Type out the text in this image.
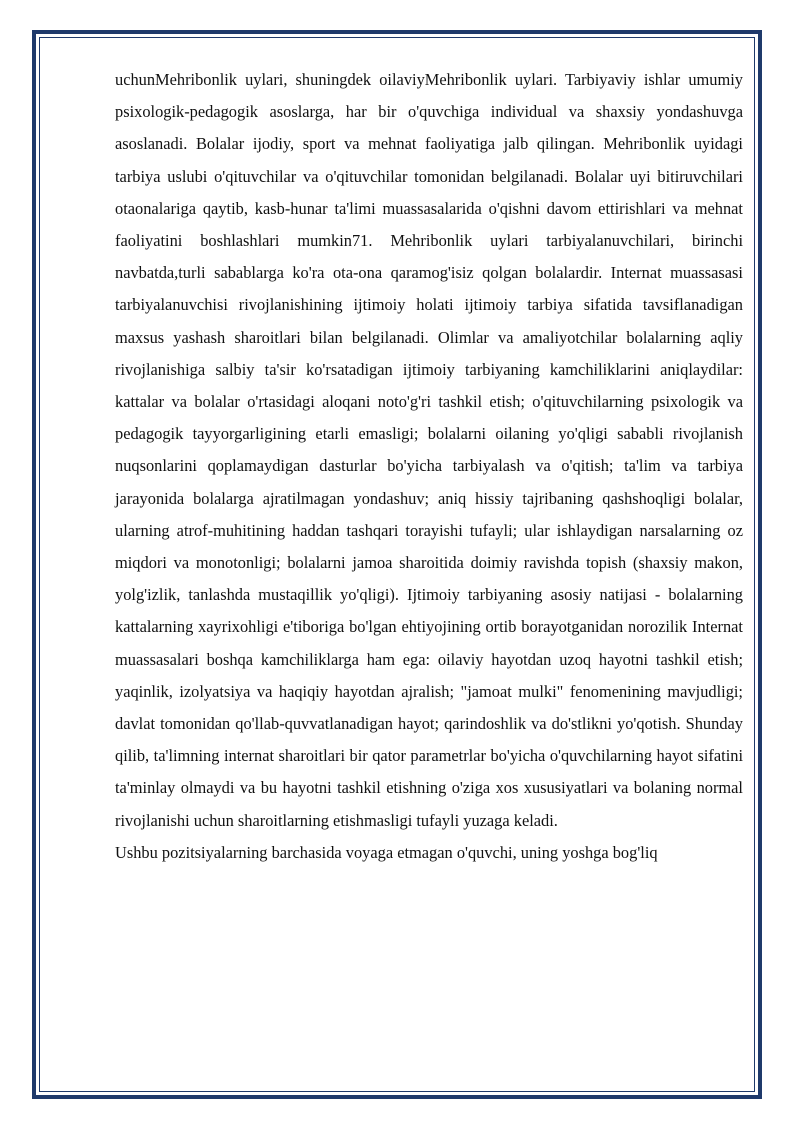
uchunMehribonlik uylari, shuningdek oilaviyMehribonlik uylari. Tarbiyaviy ishlar umumiy psixologik-pedagogik asoslarga, har bir o'quvchiga individual va shaxsiy yondashuvga asoslanadi. Bolalar ijodiy, sport va mehnat faoliyatiga jalb qilingan. Mehribonlik uyidagi tarbiya uslubi o'qituvchilar va o'qituvchilar tomonidan belgilanadi. Bolalar uyi bitiruvchilari otaonalariga qaytib, kasb-hunar ta'limi muassasalarida o'qishni davom ettirishlari va mehnat faoliyatini boshlashlari mumkin71. Mehribonlik uylari tarbiyalanuvchilari, birinchi navbatda,turli sabablarga ko'ra ota-ona qaramog'isiz qolgan bolalardir. Internat muassasasi tarbiyalanuvchisi rivojlanishining ijtimoiy holati ijtimoiy tarbiya sifatida tavsiflanadigan maxsus yashash sharoitlari bilan belgilanadi. Olimlar va amaliyotchilar bolalarning aqliy rivojlanishiga salbiy ta'sir ko'rsatadigan ijtimoiy tarbiyaning kamchiliklarini aniqlaydilar: kattalar va bolalar o'rtasidagi aloqani noto'g'ri tashkil etish; o'qituvchilarning psixologik va pedagogik tayyorgarligining etarli emasligi; bolalarni oilaning yo'qligi sababli rivojlanish nuqsonlarini qoplamaydigan dasturlar bo'yicha tarbiyalash va o'qitish; ta'lim va tarbiya jarayonida bolalarga ajratilmagan yondashuv; aniq hissiy tajribaning qashshoqligi bolalar, ularning atrof-muhitining haddan tashqari torayishi tufayli; ular ishlaydigan narsalarning oz miqdori va monotonligi; bolalarni jamoa sharoitida doimiy ravishda topish (shaxsiy makon, yolg'izlik, tanlashda mustaqillik yo'qligi). Ijtimoiy tarbiyaning asosiy natijasi - bolalarning kattalarning xayrixohligi e'tiboriga bo'lgan ehtiyojining ortib borayotganidan norozilik Internat muassasalari boshqa kamchiliklarga ham ega: oilaviy hayotdan uzoq hayotni tashkil etish; yaqinlik, izolyatsiya va haqiqiy hayotdan ajralish; "jamoat mulki" fenomenining mavjudligi; davlat tomonidan qo'llab-quvvatlanadigan hayot; qarindoshlik va do'stlikni yo'qotish. Shunday qilib, ta'limning internat sharoitlari bir qator parametrlar bo'yicha o'quvchilarning hayot sifatini ta'minlay olmaydi va bu hayotni tashkil etishning o'ziga xos xususiyatlari va bolaning normal rivojlanishi uchun sharoitlarning etishmasligi tufayli yuzaga keladi.

Ushbu pozitsiyalarning barchasida voyaga etmagan o'quvchi, uning yoshga bog'liq
